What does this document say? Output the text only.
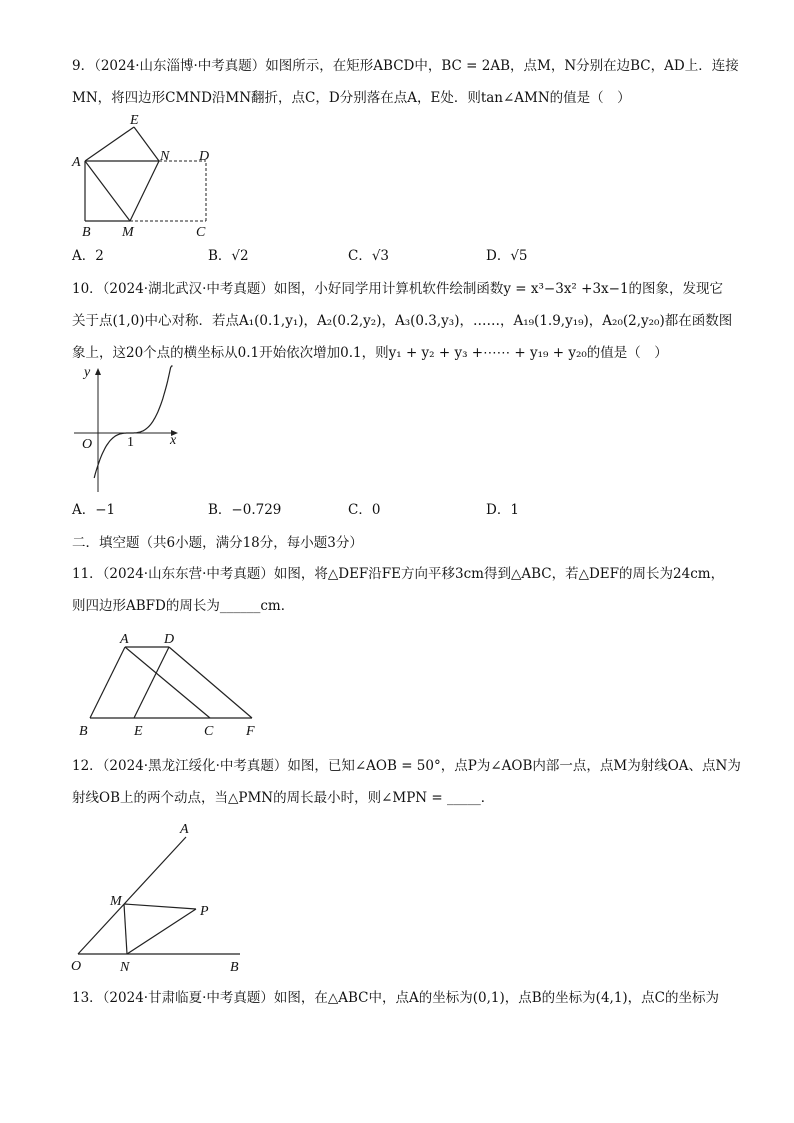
9．（2024·山东淄博·中考真题）如图所示，在矩形ABCD中，BC = 2AB，点M，N分别在边BC，AD上．连接
MN，将四边形CMND沿MN翻折，点C，D分别落在点A，E处．则tan∠AMN的值是（　）
A
B	C
D
E
M
N
A．2	B．√2	C．√3	D．√5
10．（2024·湖北武汉·中考真题）如图，小好同学用计算机软件绘制函数y = x³−3x² +3x−1的图象，发现它
关于点(1,0)中心对称．若点A₁(0.1,y₁)，A₂(0.2,y₂)，A₃(0.3,y₃)，……，A₁₉(1.9,y₁₉)，A₂₀(2,y₂₀)都在函数图
象上，这20个点的横坐标从0.1开始依次增加0.1，则y₁ + y₂ + y₃ +⋯⋯ + y₁₉ + y₂₀的值是（　）
y
x
O 1
A．−1	B．−0.729	C．0	D．1
二．填空题（共6小题，满分18分，每小题3分）
11．（2024·山东东营·中考真题）如图，将△DEF沿FE方向平移3cm得到△ABC，若△DEF的周长为24cm，
则四边形ABFD的周长为______cm．
A	D
B	E	C F
12．（2024·黑龙江绥化·中考真题）如图，已知∠AOB = 50°，点P为∠AOB内部一点，点M为射线OA、点N为
射线OB上的两个动点，当△PMN的周长最小时，则∠MPN = _____．
A
B
O
M
N
P
13．（2024·甘肃临夏·中考真题）如图，在△ABC中，点A的坐标为(0,1)，点B的坐标为(4,1)，点C的坐标为
